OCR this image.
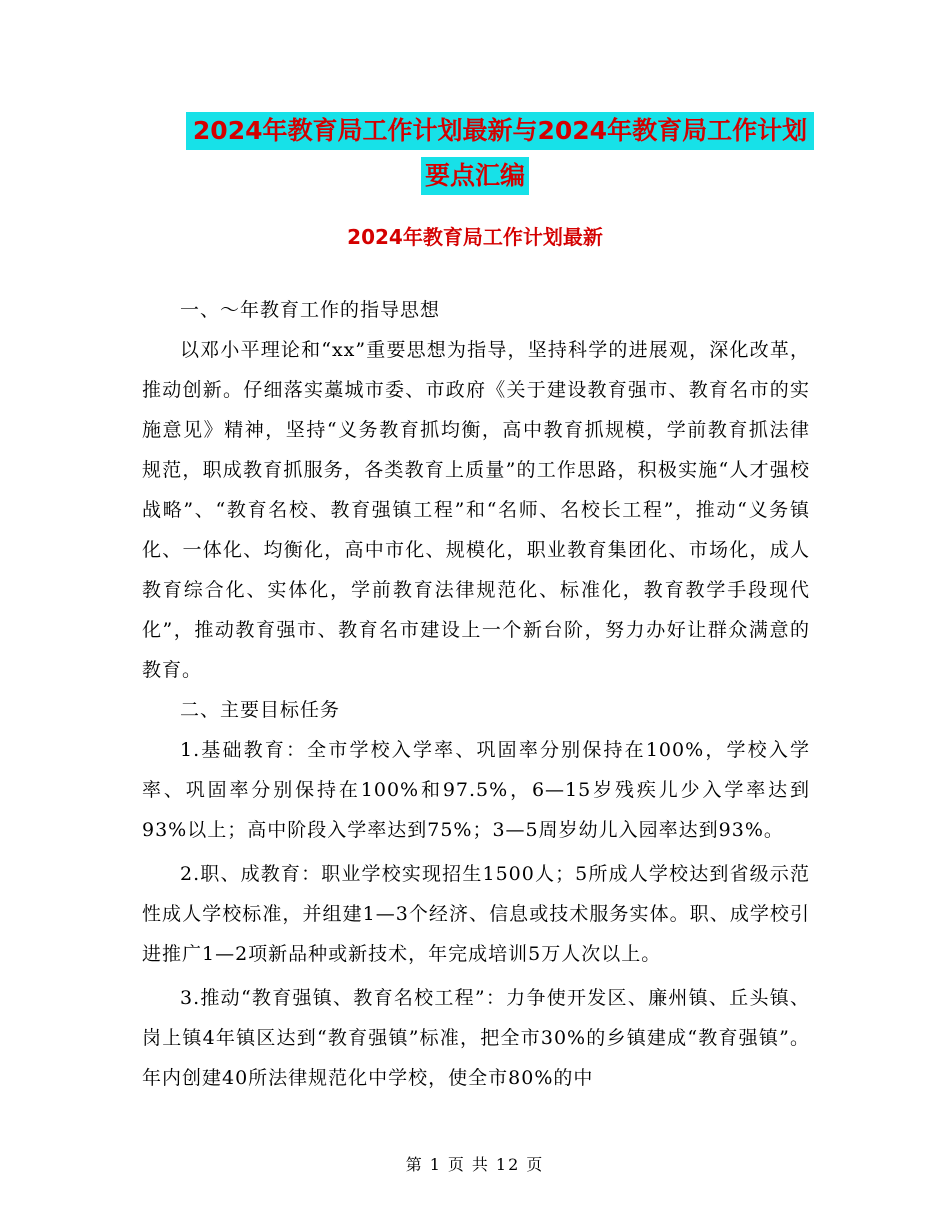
2024年教育局工作计划最新与2024年教育局工作计划
要点汇编
2024年教育局工作计划最新

一、～年教育工作的指导思想

以邓小平理论和“xx”重要思想为指导，坚持科学的进展观，深化改革，推动创新。仔细落实藁城市委、市政府《关于建设教育强市、教育名市的实施意见》精神，坚持“义务教育抓均衡，高中教育抓规模，学前教育抓法律规范，职成教育抓服务，各类教育上质量”的工作思路，积极实施“人才强校战略”、“教育名校、教育强镇工程”和“名师、名校长工程”，推动“义务镇化、一体化、均衡化，高中市化、规模化，职业教育集团化、市场化，成人教育综合化、实体化，学前教育法律规范化、标准化，教育教学手段现代化”，推动教育强市、教育名市建设上一个新台阶，努力办好让群众满意的教育。

二、主要目标任务

1.基础教育：全市学校入学率、巩固率分别保持在100%，学校入学率、巩固率分别保持在100%和97.5%，6—15岁残疾儿少入学率达到93%以上；高中阶段入学率达到75%；3—5周岁幼儿入园率达到93%。

2.职、成教育：职业学校实现招生1500人；5所成人学校达到省级示范性成人学校标准，并组建1—3个经济、信息或技术服务实体。职、成学校引进推广1—2项新品种或新技术，年完成培训5万人次以上。

3.推动“教育强镇、教育名校工程”：力争使开发区、廉州镇、丘头镇、岗上镇4年镇区达到“教育强镇”标准，把全市30%的乡镇建成“教育强镇”。年内创建40所法律规范化中学校，使全市80%的中

第 1 页 共 12 页
